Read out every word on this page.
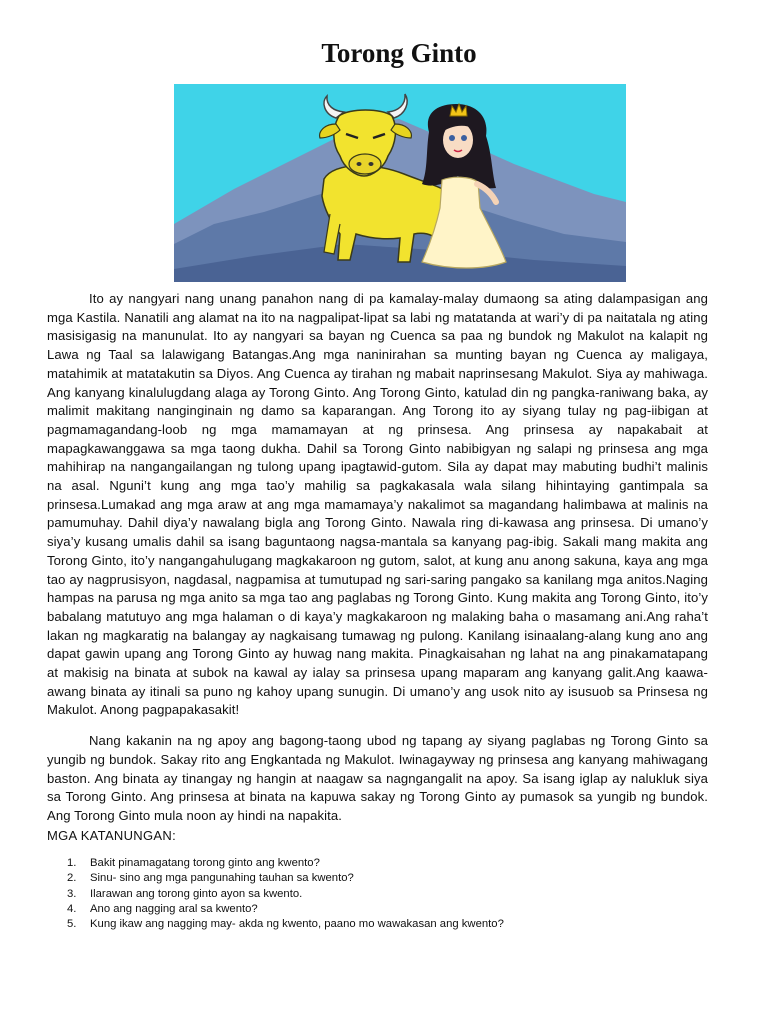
Torong Ginto

Ito ay nangyari nang unang panahon nang di pa kamalay-malay dumaong sa ating dalampasigan ang mga Kastila. Nanatili ang alamat na ito na nagpalipat-lipat sa labi ng matatanda at wari’y di pa naitatala ng ating masisigasig na manunulat. Ito ay nangyari sa bayan ng Cuenca sa paa ng bundok ng Makulot na kalapit ng Lawa ng Taal sa lalawigang Batangas.Ang mga naninirahan sa munting bayan ng Cuenca ay maligaya, matahimik at matatakutin sa Diyos. Ang Cuenca ay tirahan ng mabait naprinsesang Makulot. Siya ay mahiwaga. Ang kanyang kinalulugdang alaga ay Torong Ginto. Ang Torong Ginto, katulad din ng pangka-raniwang baka, ay malimit makitang nanginginain ng damo sa kaparangan. Ang Torong ito ay siyang tulay ng pag-iibigan at pagmamagandang-loob ng mga mamamayan at ng prinsesa. Ang prinsesa ay napakabait at mapagkawanggawa sa mga taong dukha. Dahil sa Torong Ginto nabibigyan ng salapi ng prinsesa ang mga mahihirap na nangangailangan ng tulong upang ipagtawid-gutom. Sila ay dapat may mabuting budhi’t malinis na asal. Nguni’t kung ang mga tao’y mahilig sa pagkakasala wala silang hihintaying gantimpala sa prinsesa.Lumakad ang mga araw at ang mga mamamaya’y nakalimot sa magandang halimbawa at malinis na pamumuhay. Dahil diya’y nawalang bigla ang Torong Ginto. Nawala ring di-kawasa ang prinsesa. Di umano’y siya’y kusang umalis dahil sa isang baguntaong nagsa-mantala sa kanyang pag-ibig. Sakali mang makita ang Torong Ginto, ito’y nangangahulugang magkakaroon ng gutom, salot, at kung anu anong sakuna, kaya ang mga tao ay nagprusisyon, nagdasal, nagpamisa at tumutupad ng sari-saring pangako sa kanilang mga anitos.Naging hampas na parusa ng mga anito sa mga tao ang paglabas ng Torong Ginto. Kung makita ang Torong Ginto, ito’y babalang matutuyo ang mga halaman o di kaya’y magkakaroon ng malaking baha o masamang ani.Ang raha’t lakan ng magkaratig na balangay ay nagkaisang tumawag ng pulong. Kanilang isinaalang-alang kung ano ang dapat gawin upang ang Torong Ginto ay huwag nang makita. Pinagkaisahan ng lahat na ang pinakamatapang at makisig na binata at subok na kawal ay ialay sa prinsesa upang maparam ang kanyang galit.Ang kaawa-awang binata ay itinali sa puno ng kahoy upang sunugin. Di umano’y ang usok nito ay isusuob sa Prinsesa ng Makulot. Anong pagpapakasakit!

Nang kakanin na ng apoy ang bagong-taong ubod ng tapang ay siyang paglabas ng Torong Ginto sa yungib ng bundok. Sakay rito ang Engkantada ng Makulot. Iwinagayway ng prinsesa ang kanyang mahiwagang baston. Ang binata ay tinangay ng hangin at naagaw sa nagngangalit na apoy. Sa isang iglap ay nalukluk siya sa Torong Ginto. Ang prinsesa at binata na kapuwa sakay ng Torong Ginto ay pumasok sa yungib ng bundok. Ang Torong Ginto mula noon ay hindi na napakita.

MGA KATANUNGAN:
1.	Bakit pinamagatang torong ginto ang kwento?
2.	Sinu- sino ang mga pangunahing tauhan sa kwento?
3.	Ilarawan ang torong ginto ayon sa kwento.
4.	Ano ang nagging aral sa kwento?
5.	Kung ikaw ang nagging may- akda ng kwento, paano mo wawakasan ang kwento?
